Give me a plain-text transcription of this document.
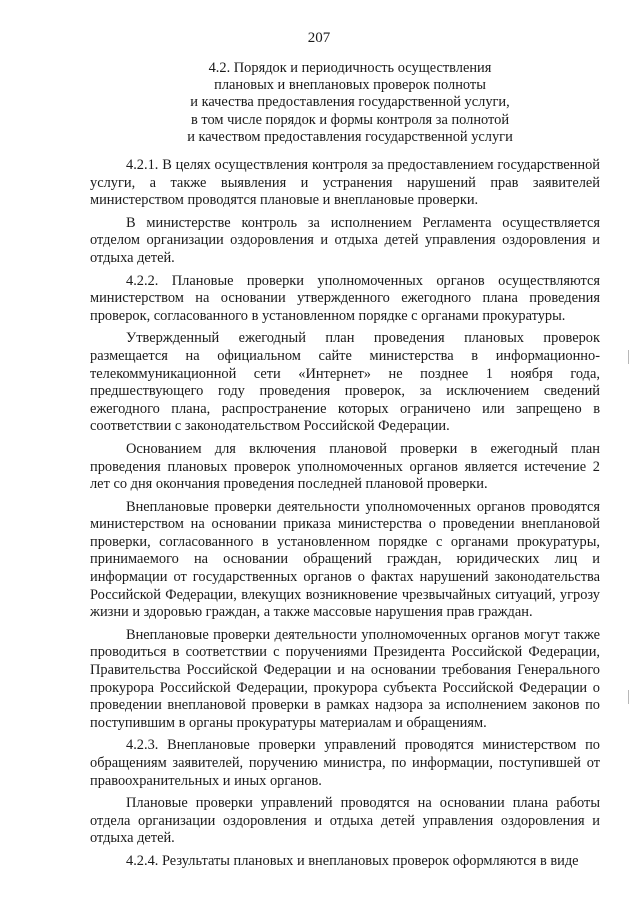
207
4.2. Порядок и периодичность осуществления
плановых и внеплановых проверок полноты
и качества предоставления государственной услуги,
в том числе порядок и формы контроля за полнотой
и качеством предоставления государственной услуги

4.2.1. В целях осуществления контроля за предоставлением государственной услуги, а также выявления и устранения нарушений прав заявителей министерством проводятся плановые и внеплановые проверки.

В министерстве контроль за исполнением Регламента осуществляется отделом организации оздоровления и отдыха детей управления оздоровления и отдыха детей.

4.2.2. Плановые проверки уполномоченных органов осуществляются министерством на основании утвержденного ежегодного плана проведения проверок, согласованного в установленном порядке с органами прокуратуры.

Утвержденный ежегодный план проведения плановых проверок размещается на официальном сайте министерства в информационно-телекоммуникационной сети «Интернет» не позднее 1 ноября года, предшествующего году проведения проверок, за исключением сведений ежегодного плана, распространение которых ограничено или запрещено в соответствии с законодательством Российской Федерации.

Основанием для включения плановой проверки в ежегодный план проведения плановых проверок уполномоченных органов является истечение 2 лет со дня окончания проведения последней плановой проверки.

Внеплановые проверки деятельности уполномоченных органов проводятся министерством на основании приказа министерства о проведении внеплановой проверки, согласованного в установленном порядке с органами прокуратуры, принимаемого на основании обращений граждан, юридических лиц и информации от государственных органов о фактах нарушений законодательства Российской Федерации, влекущих возникновение чрезвычайных ситуаций, угрозу жизни и здоровью граждан, а также массовые нарушения прав граждан.

Внеплановые проверки деятельности уполномоченных органов могут также проводиться в соответствии с поручениями Президента Российской Федерации, Правительства Российской Федерации и на основании требования Генерального прокурора Российской Федерации, прокурора субъекта Российской Федерации о проведении внеплановой проверки в рамках надзора за исполнением законов по поступившим в органы прокуратуры материалам и обращениям.

4.2.3. Внеплановые проверки управлений проводятся министерством по обращениям заявителей, поручению министра, по информации, поступившей от правоохранительных и иных органов.

Плановые проверки управлений проводятся на основании плана работы отдела организации оздоровления и отдыха детей управления оздоровления и отдыха детей.

4.2.4. Результаты плановых и внеплановых проверок оформляются в виде
